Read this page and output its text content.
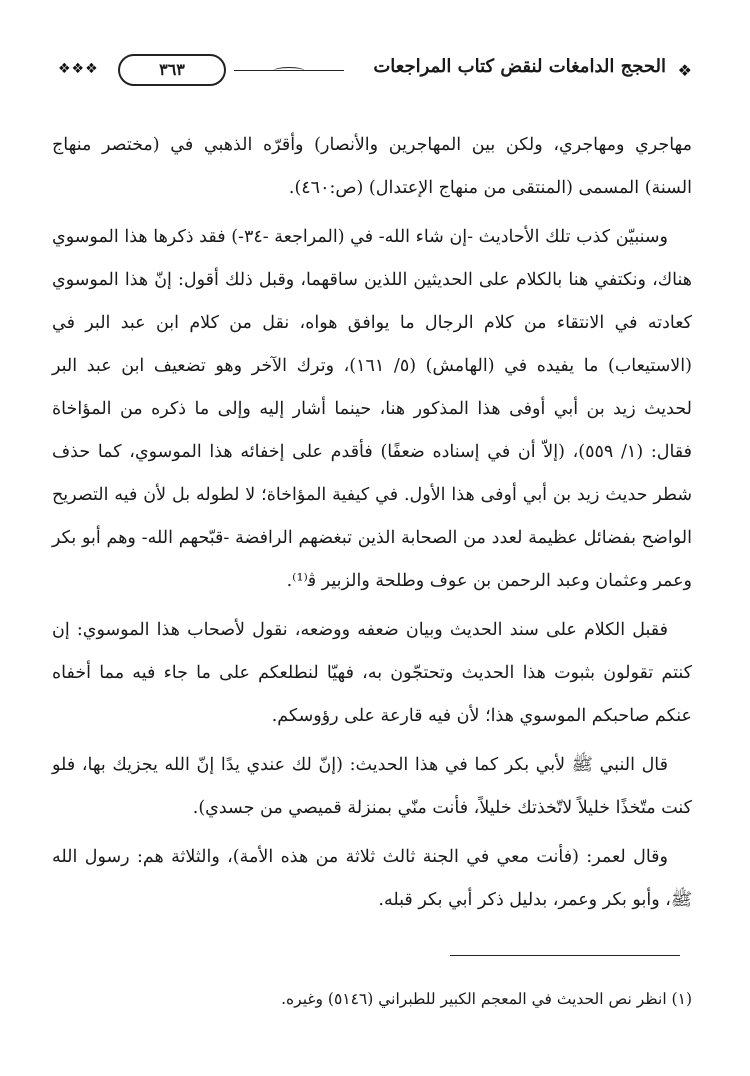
❖
الحجج الدامغات لنقض كتاب المراجعات
٣٦٣
❖❖❖

مهاجري ومهاجري، ولكن بين المهاجرين والأنصار) وأقرّه الذهبي في (مختصر منهاج السنة) المسمى (المنتقى من منهاج الإعتدال) (ص:٤٦٠).

وسنبيّن كذب تلك الأحاديث -إن شاء الله- في (المراجعة -٣٤-) فقد ذكرها هذا الموسوي هناك، ونكتفي هنا بالكلام على الحديثين اللذين ساقهما، وقبل ذلك أقول: إنّ هذا الموسوي كعادته في الانتقاء من كلام الرجال ما يوافق هواه، نقل من كلام ابن عبد البر في (الاستيعاب) ما يفيده في (الهامش) (٥/ ١٦١)، وترك الآخر وهو تضعيف ابن عبد البر لحديث زيد بن أبي أوفى هذا المذكور هنا، حينما أشار إليه وإلى ما ذكره من المؤاخاة فقال: (١/ ٥٥٩)، (إلاّ أن في إسناده ضعفًا) فأقدم على إخفائه هذا الموسوي، كما حذف شطر حديث زيد بن أبي أوفى هذا الأول. في كيفية المؤاخاة؛ لا لطوله بل لأن فيه التصريح الواضح بفضائل عظيمة لعدد من الصحابة الذين تبغضهم الرافضة -قبّحهم الله- وهم أبو بكر وعمر وعثمان وعبد الرحمن بن عوف وطلحة والزبير ﭬ⁽¹⁾.

فقبل الكلام على سند الحديث وبيان ضعفه ووضعه، نقول لأصحاب هذا الموسوي: إن كنتم تقولون بثبوت هذا الحديث وتحتجّون به، فهيّا لنطلعكم على ما جاء فيه مما أخفاه عنكم صاحبكم الموسوي هذا؛ لأن فيه قارعة على رؤوسكم.

قال النبي ﷺ لأبي بكر كما في هذا الحديث: (إنّ لك عندي يدًا إنّ الله يجزيك بها، فلو كنت متّخذًا خليلاً لاتّخذتك خليلاً، فأنت منّي بمنزلة قميصي من جسدي).

وقال لعمر: (فأنت معي في الجنة ثالث ثلاثة من هذه الأمة)، والثلاثة هم: رسول الله ﷺ، وأبو بكر وعمر، بدليل ذكر أبي بكر قبله.

(١) انظر نص الحديث في المعجم الكبير للطبراني (٥١٤٦) وغيره.
